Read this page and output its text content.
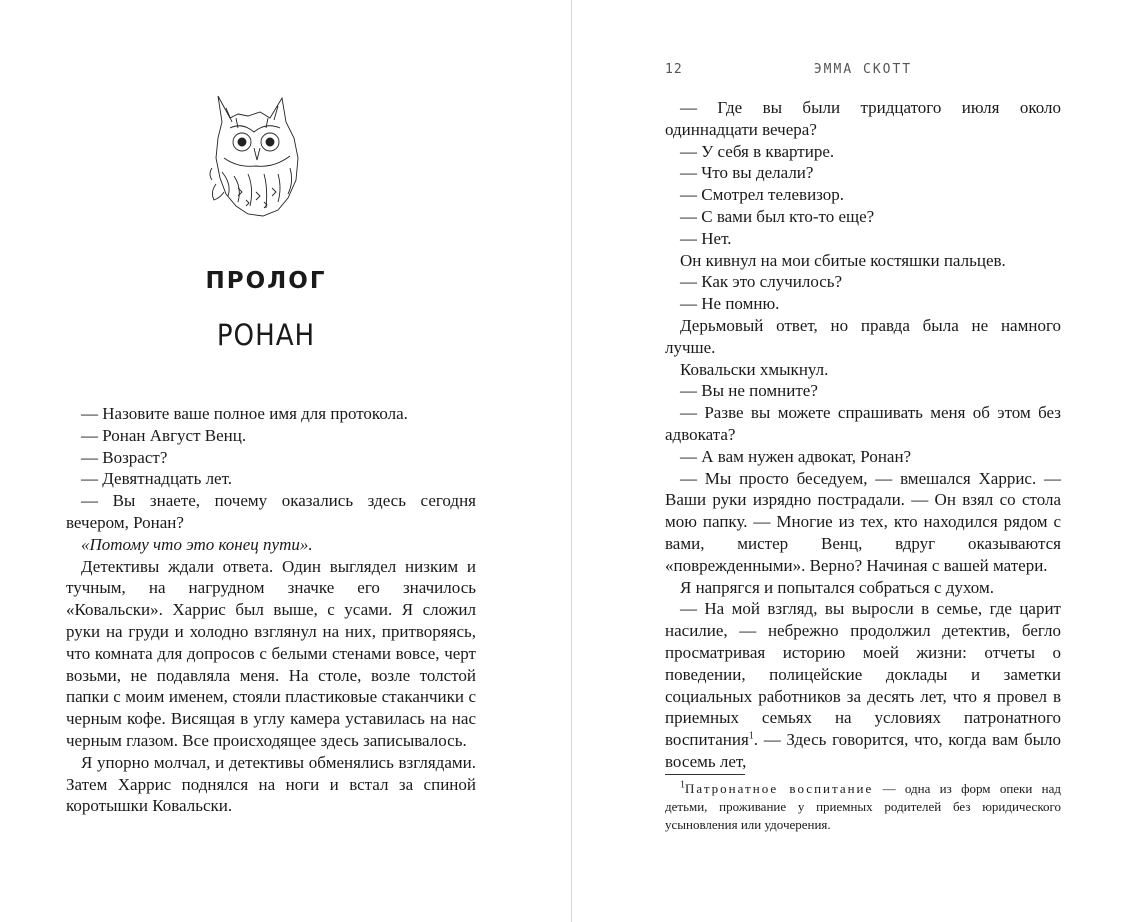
ПРОЛОГ
РОНАН

— Назовите ваше полное имя для протокола.

— Ронан Август Венц.

— Возраст?

— Девятнадцать лет.

— Вы знаете, почему оказались здесь сегодня вечером, Ронан?

«Потому что это конец пути».

Детективы ждали ответа. Один выглядел низким и тучным, на нагрудном значке его значилось «Ковальски». Харрис был выше, с усами. Я сложил руки на груди и холодно взглянул на них, притворяясь, что комната для допросов с белыми стенами вовсе, черт возьми, не подавляла меня. На столе, возле толстой папки с моим именем, стояли пластиковые стаканчики с черным кофе. Висящая в углу камера уставилась на нас черным глазом. Все происходящее здесь записывалось.

Я упорно молчал, и детективы обменялись взглядами. Затем Харрис поднялся на ноги и встал за спиной коротышки Ковальски.

12	ЭММА СКОТТ

— Где вы были тридцатого июля около одиннадцати вечера?

— У себя в квартире.

— Что вы делали?

— Смотрел телевизор.

— С вами был кто-то еще?

— Нет.

Он кивнул на мои сбитые костяшки пальцев.

— Как это случилось?

— Не помню.

Дерьмовый ответ, но правда была не намного лучше.

Ковальски хмыкнул.

— Вы не помните?

— Разве вы можете спрашивать меня об этом без адвоката?

— А вам нужен адвокат, Ронан?

— Мы просто беседуем, — вмешался Харрис. — Ваши руки изрядно пострадали. — Он взял со стола мою папку. — Многие из тех, кто находился рядом с вами, мистер Венц, вдруг оказываются «поврежденными». Верно? Начиная с вашей матери.

Я напрягся и попытался собраться с духом.

— На мой взгляд, вы выросли в семье, где царит насилие, — небрежно продолжил детектив, бегло просматривая историю моей жизни: отчеты о поведении, полицейские доклады и заметки социальных работников за десять лет, что я провел в приемных семьях на условиях патронатного воспитания$^1$. — Здесь говорится, что, когда вам было восемь лет,

$^1$Патронатное воспитание — одна из форм опеки над детьми, проживание у приемных родителей без юридического усыновления или удочерения.
